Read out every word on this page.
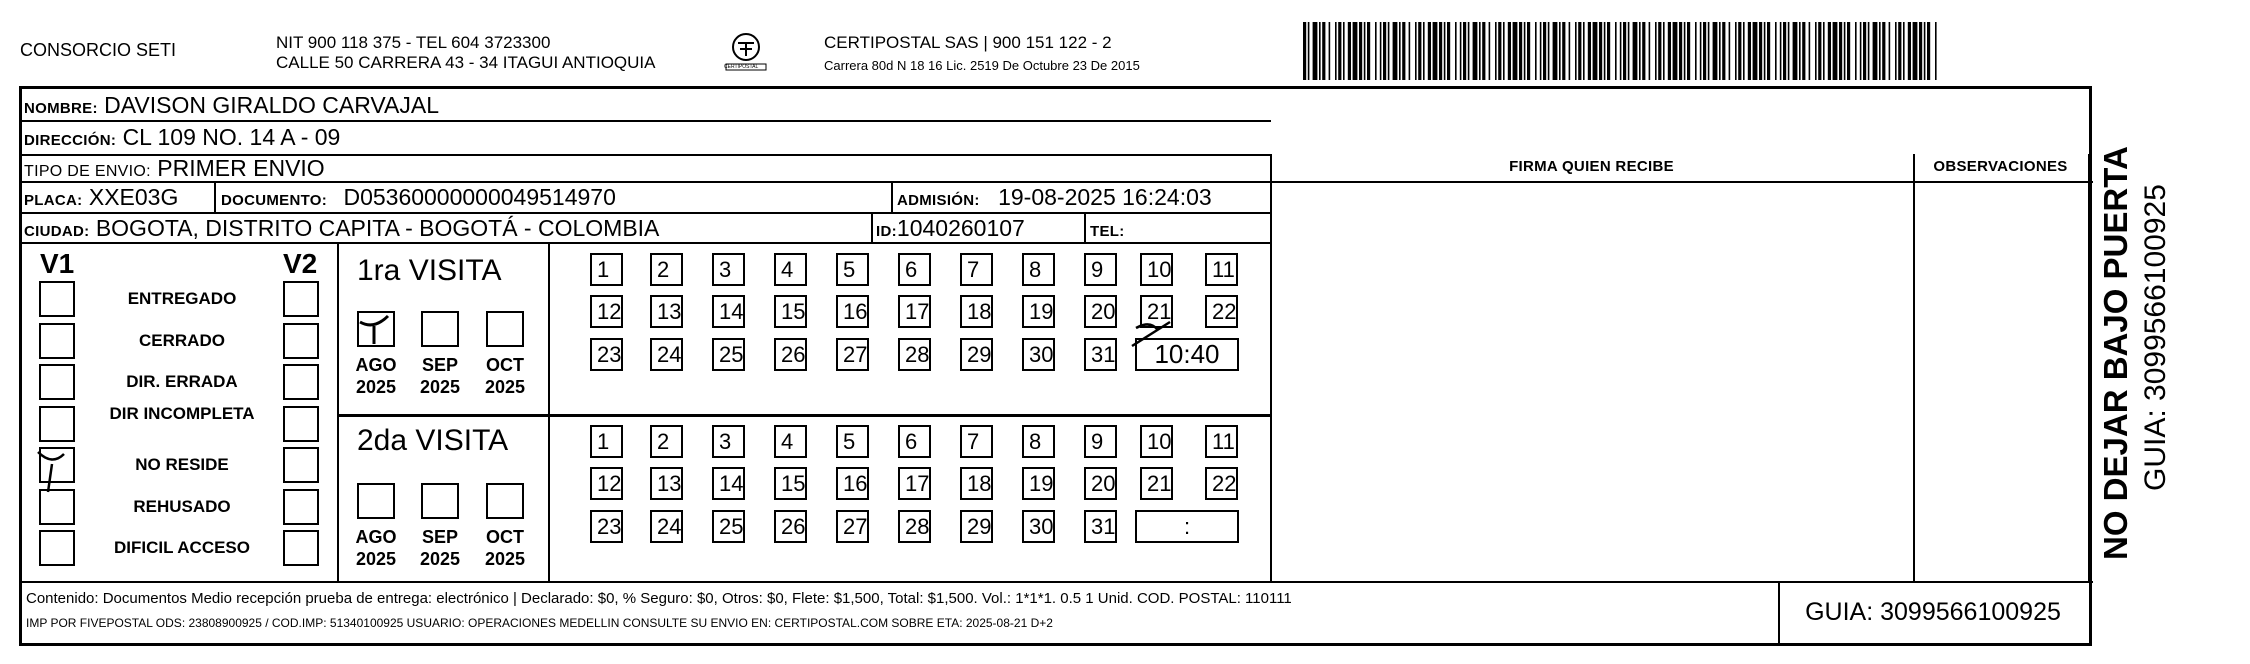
CONSORCIO SETI	NIT 900 118 375 - TEL 604 3723300
CALLE 50 CARRERA 43 - 34 ITAGUI ANTIOQUIA	CERTIPOSTAL
CERTIPOSTAL SAS | 900 151 122 - 2
Carrera 80d N 18 16 Lic. 2519 De Octubre 23 De 2015
NOMBRE: DAVISON GIRALDO CARVAJAL
DIRECCIÓN: CL 109 NO. 14 A - 09
TIPO DE ENVIO: PRIMER ENVIO
PLACA: XXE03G	DOCUMENTO: D05360000000049514970	ADMISIÓN: 19-08-2025 16:24:03
CIUDAD: BOGOTA, DISTRITO CAPITA - BOGOTÁ - COLOMBIA	ID:1040260107	TEL:
FIRMA QUIEN RECIBE	OBSERVACIONES
V1	V2
ENTREGADO
CERRADO
DIR. ERRADA
DIR INCOMPLETA
NO RESIDE
REHUSADO
DIFICIL ACCESO
1ra VISITA
2da VISITA
AGO
2025
SEP
2025
OCT
2025
1	2	3	4	5	6	7	8	9	10	11
12	13	14	15	16	17	18	19	20	21	22
23	24	25	26	27	28	29	30	31	10:40
AGO
2025
SEP
2025
OCT
2025
1	2	3	4	5	6	7	8	9	10	11
12	13	14	15	16	17	18	19	20	21	22
23	24	25	26	27	28	29	30	31	:
Contenido: Documentos Medio recepción prueba de entrega: electrónico | Declarado: $0, % Seguro: $0, Otros: $0, Flete: $1,500, Total: $1,500. Vol.: 1*1*1. 0.5 1 Unid. COD. POSTAL: 110111
IMP POR FIVEPOSTAL ODS: 23808900925 / COD.IMP: 51340100925 USUARIO: OPERACIONES MEDELLIN CONSULTE SU ENVIO EN: CERTIPOSTAL.COM SOBRE ETA: 2025-08-21 D+2	GUIA: 3099566100925
NO DEJAR BAJO PUERTA GUIA: 3099566100925
